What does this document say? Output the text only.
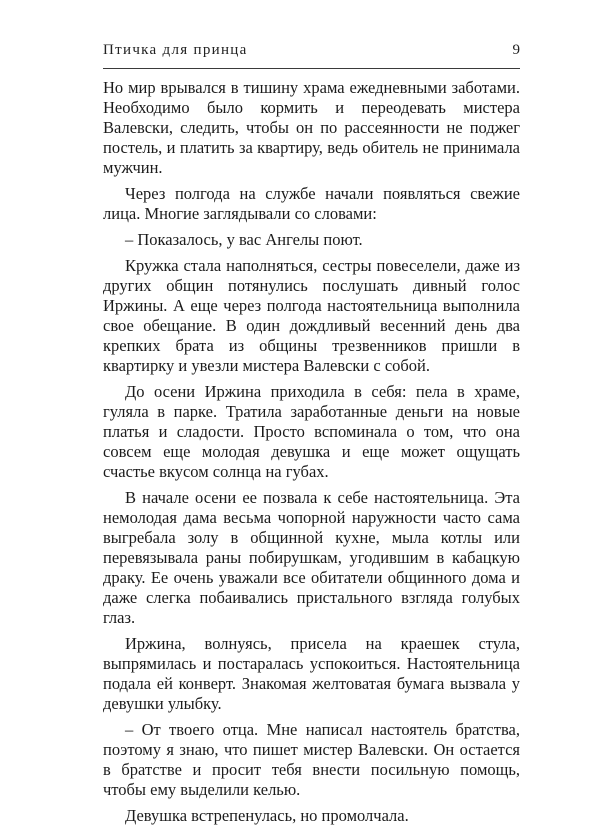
Птичка для принца	9

Но мир врывался в тишину храма ежедневными заботами. Необходимо было кормить и переодевать мистера Валевски, следить, чтобы он по рассеянности не поджег постель, и платить за квартиру, ведь обитель не принимала мужчин.

Через полгода на службе начали появляться свежие лица. Многие заглядывали со словами:

– Показалось, у вас Ангелы поют.

Кружка стала наполняться, сестры повеселели, даже из других общин потянулись послушать дивный голос Иржины. А еще через полгода настоятельница выполнила свое обещание. В один дождливый весенний день два крепких брата из общины трезвенников пришли в квартирку и увезли мистера Валевски с собой.

До осени Иржина приходила в себя: пела в храме, гуляла в парке. Тратила заработанные деньги на новые платья и сладости. Просто вспоминала о том, что она совсем еще молодая девушка и еще может ощущать счастье вкусом солнца на губах.

В начале осени ее позвала к себе настоятельница. Эта немолодая дама весьма чопорной наружности часто сама выгребала золу в общинной кухне, мыла котлы или перевязывала раны побирушкам, угодившим в кабацкую драку. Ее очень уважали все обитатели общинного дома и даже слегка побаивались пристального взгляда голубых глаз.

Иржина, волнуясь, присела на краешек стула, выпрямилась и постаралась успокоиться. Настоятельница подала ей конверт. Знакомая желтоватая бумага вызвала у девушки улыбку.

– От твоего отца. Мне написал настоятель братства, поэтому я знаю, что пишет мистер Валевски. Он остается в братстве и просит тебя внести посильную помощь, чтобы ему выделили келью.

Девушка встрепенулась, но промолчала.
